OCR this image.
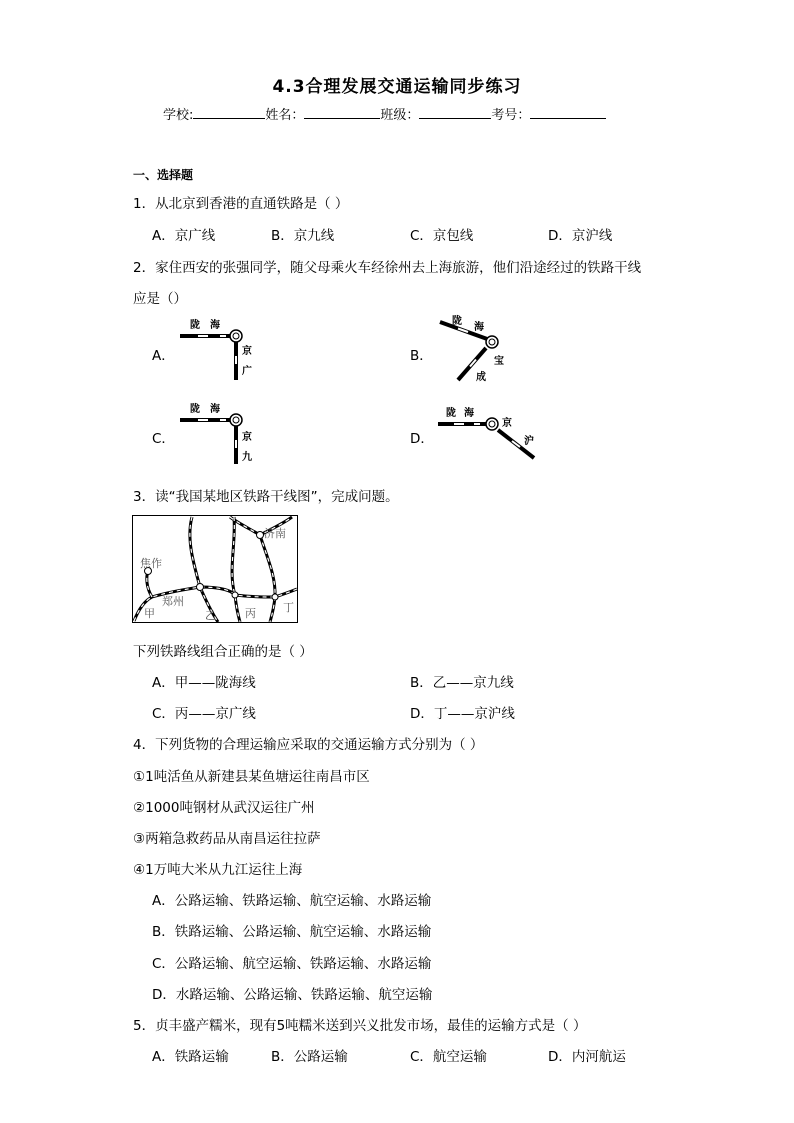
4.3合理发展交通运输同步练习
学校:	姓名：	班级：	考号：
一、选择题
1．从北京到香港的直通铁路是（ ）
A．京广线	B．京九线	C．京包线	D．京沪线
2．家住西安的张强同学，随父母乘火车经徐州去上海旅游，他们沿途经过的铁路干线
应是（）
A．
陇 海
京
广
B．
陇
海
宝
成
C．
陇 海
京
九
D．
陇 海
京
沪
3．读“我国某地区铁路干线图”，完成问题。
济南
焦作
郑州
甲	乙	丙 丁
下列铁路线组合正确的是（ ）
A．甲——陇海线	B．乙——京九线
C．丙——京广线	D．丁——京沪线
4．下列货物的合理运输应采取的交通运输方式分别为（ ）
①1吨活鱼从新建县某鱼塘运往南昌市区
②1000吨钢材从武汉运往广州
③两箱急救药品从南昌运往拉萨
④1万吨大米从九江运往上海
A．公路运输、铁路运输、航空运输、水路运输
B．铁路运输、公路运输、航空运输、水路运输
C．公路运输、航空运输、铁路运输、水路运输
D．水路运输、公路运输、铁路运输、航空运输
5．贞丰盛产糯米，现有5吨糯米送到兴义批发市场，最佳的运输方式是（ ）
A．铁路运输	B．公路运输	C．航空运输	D．内河航运
